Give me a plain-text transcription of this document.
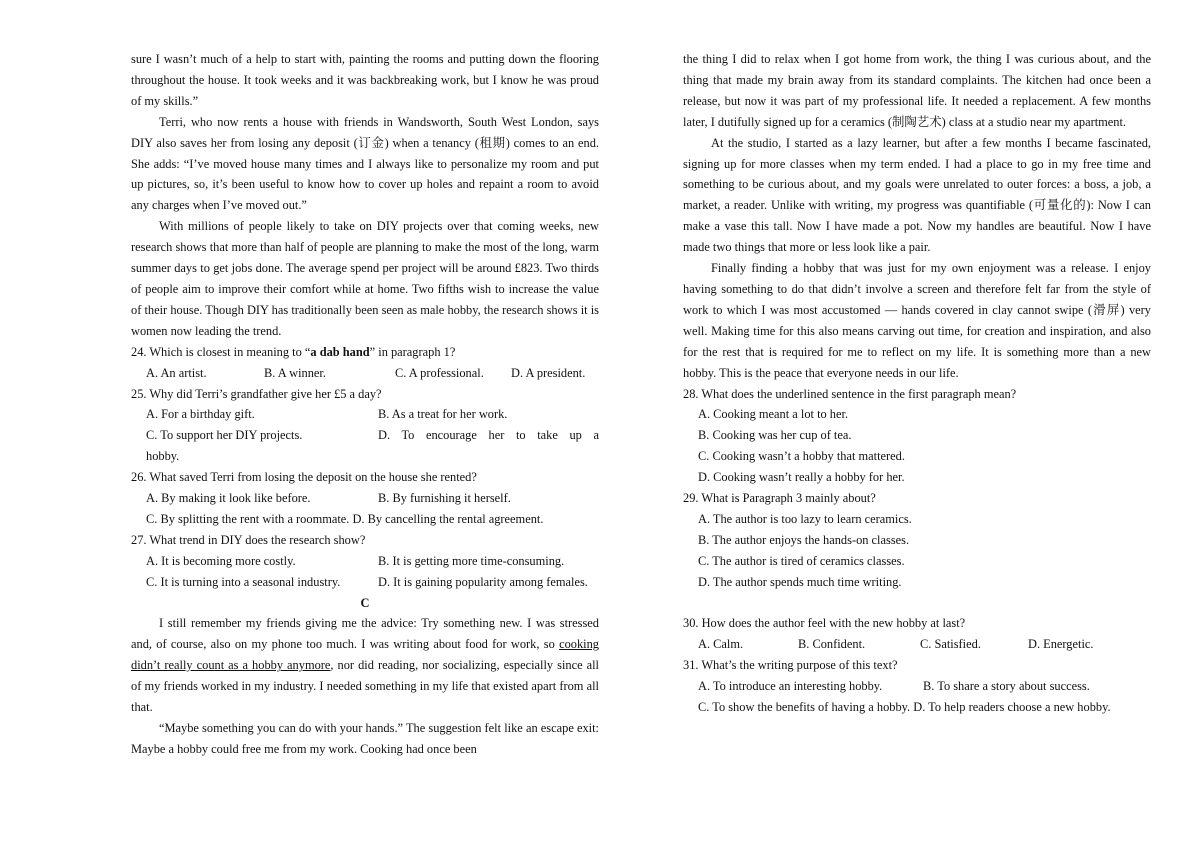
sure I wasn’t much of a help to start with, painting the rooms and putting down the flooring throughout the house. It took weeks and it was backbreaking work, but I know he was proud of my skills.”

Terri, who now rents a house with friends in Wandsworth, South West London, says DIY also saves her from losing any deposit (订金) when a tenancy (租期) comes to an end. She adds: “I’ve moved house many times and I always like to personalize my room and put up pictures, so, it’s been useful to know how to cover up holes and repaint a room to avoid any charges when I’ve moved out.”

With millions of people likely to take on DIY projects over that coming weeks, new research shows that more than half of people are planning to make the most of the long, warm summer days to get jobs done. The average spend per project will be around £823. Two thirds of people aim to improve their comfort while at home. Two fifths wish to increase the value of their house. Though DIY has traditionally been seen as male hobby, the research shows it is women now leading the trend.

24. Which is closest in meaning to “a dab hand” in paragraph 1?

A. An artist.	B. A winner.	C. A professional.	D. A president.

25. Why did Terri’s grandfather give her £5 a day?

A. For a birthday gift.	B. As a treat for her work.

C. To support her DIY projects.	D. To encourage her to take up a hobby.

26. What saved Terri from losing the deposit on the house she rented?

A. By making it look like before.	B. By furnishing it herself.

C. By splitting the rent with a roommate. D. By cancelling the rental agreement.

27. What trend in DIY does the research show?

A. It is becoming more costly.	B. It is getting more time-consuming.
C. It is turning into a seasonal industry.	D. It is gaining popularity among females.

C

I still remember my friends giving me the advice: Try something new. I was stressed and, of course, also on my phone too much. I was writing about food for work, so cooking didn’t really count as a hobby anymore, nor did reading, nor socializing, especially since all of my friends worked in my industry. I needed something in my life that existed apart from all that.

“Maybe something you can do with your hands.” The suggestion felt like an escape exit: Maybe a hobby could free me from my work. Cooking had once been

the thing I did to relax when I got home from work, the thing I was curious about, and the thing that made my brain away from its standard complaints. The kitchen had once been a release, but now it was part of my professional life. It needed a replacement. A few months later, I dutifully signed up for a ceramics (制陶艺术) class at a studio near my apartment.

At the studio, I started as a lazy learner, but after a few months I became fascinated, signing up for more classes when my term ended. I had a place to go in my free time and something to be curious about, and my goals were unrelated to outer forces: a boss, a job, a market, a reader. Unlike with writing, my progress was quantifiable (可量化的): Now I can make a vase this tall. Now I have made a pot. Now my handles are beautiful. Now I have made two things that more or less look like a pair.

Finally finding a hobby that was just for my own enjoyment was a release. I enjoy having something to do that didn’t involve a screen and therefore felt far from the style of work to which I was most accustomed — hands covered in clay cannot swipe (滑屏) very well. Making time for this also means carving out time, for creation and inspiration, and also for the rest that is required for me to reflect on my life. It is something more than a new hobby. This is the peace that everyone needs in our life.

28. What does the underlined sentence in the first paragraph mean?

A. Cooking meant a lot to her.

B. Cooking was her cup of tea.

C. Cooking wasn’t a hobby that mattered.

D. Cooking wasn’t really a hobby for her.

29. What is Paragraph 3 mainly about?

A. The author is too lazy to learn ceramics.

B. The author enjoys the hands-on classes.

C. The author is tired of ceramics classes.

D. The author spends much time writing.

30. How does the author feel with the new hobby at last?

A. Calm.	B. Confident.	C. Satisfied.	D. Energetic.

31. What’s the writing purpose of this text?

A. To introduce an interesting hobby.	B. To share a story about success.

C. To show the benefits of having a hobby. D. To help readers choose a new hobby.
